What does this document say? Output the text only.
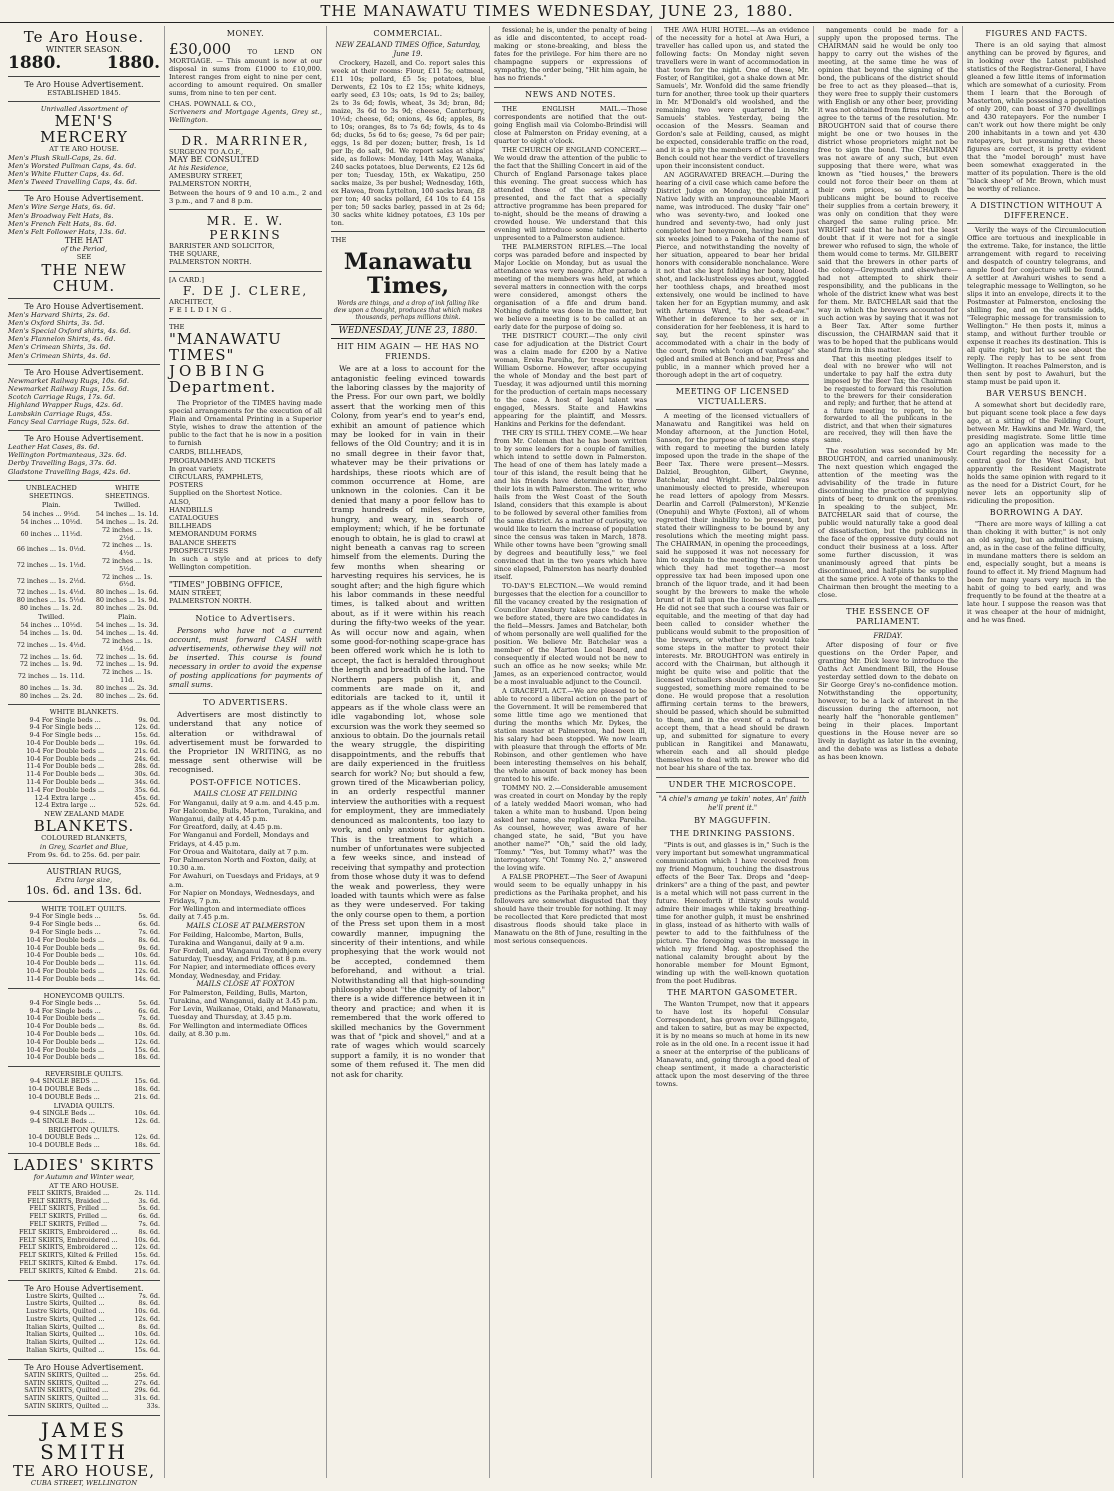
THE MANAWATU TIMES WEDNESDAY, JUNE 23, 1880.
Te Aro House.
WINTER SEASON.
1880.	1880.
Te Aro House Advertisement.
ESTABLISHED 1845.
Unrivalled Assortment of
MEN'S MERCERY
AT TE ARO HOUSE.
Men's Plush Skull-Caps, 2s. 6d.
Men's Worsted Pullman Caps, 4s. 6d.
Men's White Flutter Caps, 4s. 6d.
Men's Tweed Travelling Caps, 4s. 6d.
Te Aro House Advertisement.
Men's Wire Serge Hats, 6s. 6d.
Men's Broadway Felt Hats, 8s.
Men's French Felt Hats, 8s. 6d.
Men's Felt Follower Hats, 13s. 6d.
THE HAT
of the Period,
SEE
THE NEW CHUM.
Te Aro House Advertisement.
Men's Harvard Shirts, 2s. 6d.
Men's Oxford Shirts, 3s. 5d.
Men's Special Oxford shirts, 4s. 6d.
Men's Flannelon Shirts, 4s. 6d.
Men's Crimean Shirts, 3s. 6d.
Men's Crimean Shirts, 4s. 6d.
Te Aro House Advertisement.
Newmarket Railway Rugs, 10s. 6d.
Newmarket Railway Rugs, 15s. 6d.
Scotch Carriage Rugs, 17s. 6d.
Highland Wrapper Rugs, 42s. 6d.
Lambskin Carriage Rugs, 45s.
Fancy Seal Carriage Rugs, 52s. 6d.
Te Aro House Advertisement.
Leather Hat Cases, 8s. 6d.
Wellington Portmanteaus, 32s. 6d.
Derby Travelling Bags, 37s. 6d.
Gladstone Travelling Bags, 42s. 6d.
UNBLEACHED SHEETINGS.	WHITE SHEETINGS.
Plain.	Twilled.
54 inches ... 9½d.	54 inches ... 1s. 1d.
54 inches ... 10½d.	54 inches ... 1s. 2d.
60 inches ... 11½d.	72 inches ... 1s. 2½d.
66 inches ... 1s. 0½d.	72 inches ... 1s. 4½d.
72 inches ... 1s. 1½d.	72 inches ... 1s. 5½d.
72 inches ... 1s. 2½d.	72 inches ... 1s. 6½d.
72 inches ... 1s. 4½d.	80 inches ... 1s. 6d.
80 inches ... 1s. 5½d.	80 inches ... 1s. 9d.
80 inches ... 1s. 2d.	80 inches ... 2s. 0d.
Twilled.	Plain.
54 inches ... 10½d.	54 inches ... 1s. 3d.
54 inches ... 1s. 0d.	54 inches ... 1s. 4d.
72 inches ... 1s. 4½d.	72 inches ... 1s. 4½d.
72 inches ... 1s. 6d.	72 inches ... 1s. 6d.
72 inches ... 1s. 9d.	72 inches ... 1s. 9d.
72 inches ... 1s. 11d.	72 inches ... 1s. 11d.
80 inches ... 1s. 3d.	80 inches ... 2s. 3d.
80 inches ... 2s. 2d.	80 inches ... 2s. 6d.
WHITE BLANKETS.
9-4 For Single beds ...	9s. 0d.
9-4 For Single beds ...	12s. 6d.
9-4 For Single beds ...	15s. 6d.
10-4 For Double beds ...	19s. 6d.
10-4 For Double beds ...	21s. 6d.
10-4 For Double beds ...	24s. 6d.
11-4 For Double beds ...	28s. 6d.
11-4 For Double beds ...	30s. 6d.
11-4 For Double beds ...	34s. 6d.
11-4 For Double beds ...	35s. 6d.
12-4 Extra large ...	45s. 6d.
12-4 Extra large ...	52s. 6d.
NEW ZEALAND MADE
BLANKETS.
COLOURED BLANKETS,
in Grey, Scarlet and Blue,
From 9s. 6d. to 25s. 6d. per pair.
AUSTRIAN RUGS,
Extra large size,
10s. 6d. and 13s. 6d.
WHITE TOILET QUILTS.
9-4 For Single beds ...	5s. 6d.
9-4 For Single beds ...	6s. 6d.
9-4 For Single beds ...	7s. 6d.
10-4 For Double beds ...	8s. 6d.
10-4 For Double beds ...	9s. 6d.
10-4 For Double beds ...	10s. 6d.
10-4 For Double beds ...	11s. 6d.
10-4 For Double beds ...	12s. 6d.
11-4 For Double beds ...	14s. 6d.
HONEYCOMB QUILTS.
9-4 For Single beds ...	5s. 6d.
9-4 For Single beds ...	6s. 6d.
10-4 For Double beds ...	7s. 6d.
10-4 For Double beds ...	8s. 6d.
10-4 For Double beds ...	10s. 6d.
10-4 For Double beds ...	12s. 6d.
10-4 For Double beds ...	15s. 6d.
10-4 For Double beds ...	18s. 6d.
REVERSIBLE QUILTS.
9-4 SINGLE BEDS ...	15s. 6d.
10-4 DOUBLE Beds ...	18s. 6d.
10-4 DOUBLE Beds ...	21s. 6d.
LIVADIA QUILTS.
9-4 SINGLE Beds ...	10s. 6d.
9-4 SINGLE Beds ...	12s. 6d.
BRIGHTON QUILTS.
10-4 DOUBLE Beds ...	12s. 6d.
10-4 DOUBLE Beds ...	18s. 6d.
LADIES' SKIRTS
for Autumn and Winter wear,
AT TE ARO HOUSE.
FELT SKIRTS, Braided ...	2s. 11d.
FELT SKIRTS, Braided ...	3s. 6d.
FELT SKIRTS, Frilled ...	5s. 6d.
FELT SKIRTS, Frilled ...	6s. 6d.
FELT SKIRTS, Frilled ...	7s. 6d.
FELT SKIRTS, Embroidered ...	8s. 6d.
FELT SKIRTS, Embroidered ...	10s. 6d.
FELT SKIRTS, Embroidered ...	12s. 6d.
FELT SKIRTS, Kilted & Frilled	15s. 6d.
FELT SKIRTS, Kilted & Embd.	17s. 6d.
FELT SKIRTS, Kilted & Embd.	21s. 6d.
Te Aro House Advertisement.
Lustre Skirts, Quilted ...	7s. 6d.
Lustre Skirts, Quilted ...	8s. 6d.
Lustre Skirts, Quilted ...	10s. 6d.
Lustre Skirts, Quilted ...	12s. 6d.
Italian Skirts, Quilted ...	8s. 6d.
Italian Skirts, Quilted ...	10s. 6d.
Italian Skirts, Quilted ...	12s. 6d.
Italian Skirts, Quilted ...	15s. 6d.
Te Aro House Advertisement.
SATIN SKIRTS, Quilted ...	25s. 6d.
SATIN SKIRTS, Quilted ...	27s. 6d.
SATIN SKIRTS, Quilted ...	29s. 6d.
SATIN SKIRTS, Quilted ...	31s. 6d.
SATIN SKIRTS, Quilted ...	33s.
JAMES SMITH
TE ARO HOUSE,
CUBA STREET, WELLINGTON
MONEY.
£30,000	TO LEND ON MORTGAGE. — This amount is now at our disposal in sums from £1000 to £10,000. Interest ranges from eight to nine per cent, according to amount required. On smaller sums, from nine to ten per cent.
CHAS. POWNALL & CO.,
Scriveners and Mortgage Agents, Grey st., Wellington.
DR. MARRINER,
SURGEON TO A.O.F.,
MAY BE CONSULTED
At his Residence,
AMESBURY STREET,
PALMERSTON NORTH,
Between the hours of 9 and 10 a.m., 2 and 3 p.m., and 7 and 8 p.m.
MR. E. W. PERKINS
BARRISTER AND SOLICITOR,
THE SQUARE,
PALMERSTON NORTH.
[A CARD.]
F. DE J. CLERE,
ARCHITECT,
FEILDING.
THE
"MANAWATU TIMES"
JOBBING
Department.

The Proprietor of the TIMES having made special arrangements for the execution of all Plain and Ornamental Printing in a Superior Style, wishes to draw the attention of the public to the fact that he is now in a position to furnish

CARDS, BILLHEADS,
PROGRAMMES AND TICKETS
In great variety.
CIRCULARS, PAMPHLETS,
POSTERS
Supplied on the Shortest Notice.
ALSO,
HANDBILLS
CATALOGUES
BILLHEADS
MEMORANDUM FORMS
BALANCE SHEETS
PROSPECTUSES
In such a style and at prices to defy Wellington competition.
"TIMES" JOBBING OFFICE,
MAIN STREET,
PALMERSTON NORTH.
Notice to Advertisers.

Persons who have not a current account, must forward CASH with advertisements, otherwise they will not be inserted. This course is found necessary in order to avoid the expense of posting applications for payments of small sums.

TO ADVERTISERS.

Advertisers are most distinctly to understand that any notice of alteration or withdrawal of advertisement must be forwarded to the Proprietor IN WRITING, as no message sent otherwise will be recognised.

POST-OFFICE NOTICES.
MAILS CLOSE AT FEILDING
For Wanganui, daily at 9 a.m. and 4.45 p.m.
For Halcombe, Bulls, Marton, Turakina, and Wanganui, daily at 4.45 p.m.
For Greatford, daily, at 4.45 p.m.
For Wanganui and Fordell, Mondays and Fridays, at 4.45 p.m.
For Oroua and Waitotara, daily at 7 p.m.
For Palmerston North and Foxton, daily, at 10.30 a.m.
For Awahuri, on Tuesdays and Fridays, at 9 a.m.
For Napier on Mondays, Wednesdays, and Fridays, 7 p.m.
For Wellington and intermediate offices daily at 7.45 p.m.
MAILS CLOSE AT PALMERSTON
For Feilding, Halcombe, Marton, Bulls, Turakina and Wanganui, daily at 9 a.m.
For Fordell, and Wanganui Trondhjem every Saturday, Tuesday, and Friday, at 8 p.m.
For Napier, and intermediate offices every Monday, Wednesday, and Friday.
MAILS CLOSE AT FOXTON
For Palmerston, Feilding, Bulls, Marton, Turakina, and Wanganui, daily at 3.45 p.m.
For Levin, Waikanae, Otaki, and Manawatu, Tuesday and Thursday, at 3.45 p.m.
For Wellington and intermediate Offices daily, at 8.30 p.m.
COMMERCIAL.
NEW ZEALAND TIMES Office, Saturday, June 19.

Crockery, Hazell, and Co. report sales this week at their rooms: Flour, £11 5s; oatmeal, £11 10s; pollard, £5 5s; potatoes, blue Derwents, £2 10s to £2 15s; white kidneys, early seed, £3 10s; oats, 1s 9d to 2s; bailey, 2s to 3s 6d; fowls, wheat, 3s 3d; bran, 8d; maize, 3s 6d to 3s 9d; cheese, Canterbury, 10½d; cheese, 6d; onions, 4s 6d; apples, 8s to 10s; oranges, 8s to 7s 6d; fowls, 4s to 4s 6d; ducks, 5s 6d to 6s; geese, 7s 6d per pair; eggs, 1s 8d per dozen; butter, fresh, 1s 1d per lb; do salt, 9d. We report sales at ships' side, as follows: Monday, 14th May, Wanaka, 240 sacks potatoes, blue Derwents, £2 12s 6d per ton; Tuesday, 15th, ex Wakatipu, 250 sacks maize, 3s per bushel; Wednesday, 16th, ex Hawea, from Lyttelton, 100 sacks bran, £8 per ton; 40 sacks pollard, £4 10s to £4 15s per ton; 50 sacks barley, passed in at 2s 6d; 30 sacks white kidney potatoes, £3 10s per ton.

THE
Manawatu Times,
Words are things, and a drop of ink falling like dew upon a thought, produces that which makes thousands, perhaps millions think.
WEDNESDAY, JUNE 23, 1880.
HIT HIM AGAIN — HE HAS NO FRIENDS.

We are at a loss to account for the antagonistic feeling evinced towards the laboring classes by the majority of the Press. For our own part, we boldly assert that the working men of this Colony, from year's end to year's end, exhibit an amount of patience which may be looked for in vain in their fellows of the Old Country; and it is in no small degree in their favor that, whatever may be their privations or hardships, these rioots which are of common occurrence at Home, are unknown in the colonies. Can it be denied that many a poor fellow has to tramp hundreds of miles, footsore, hungry, and weary, in search of employment; which, if he be fortunate enough to obtain, he is glad to crawl at night beneath a canvas rag to screen himself from the elements. During the few months when shearing or harvesting requires his services, he is sought after; and the high figure which his labor commands in these needful times, is talked about and written about, as if it were within his reach during the fifty-two weeks of the year. As will occur now and again, when some good-for-nothing scape-grace has been offered work which he is loth to accept, the fact is heralded throughout the length and breadth of the land. The Northern papers publish it, and comments are made on it, and editorials are tacked to it, until it appears as if the whole class were an idle vagabonding lot, whose sole excursion was the work they seemed so anxious to obtain. Do the journals retail the weary struggle, the dispiriting disappointments, and the rebuffs that are daily experienced in the fruitless search for work? No; but should a few, grown tired of the Micawberian policy, in an orderly respectful manner interview the authorities with a request for employment, they are immediately denounced as malcontents, too lazy to work, and only anxious for agitation. This is the treatment to which a number of unfortunates were subjected a few weeks since, and instead of receiving that sympathy and protection from those whose duty it was to defend the weak and powerless, they were loaded with taunts which were as false as they were undeserved. For taking the only course open to them, a portion of the Press set upon them in a most cowardly manner, impugning the sincerity of their intentions, and while prophesying that the work would not be accepted, condemned them beforehand, and without a trial. Notwithstanding all that high-sounding philosophy about "the dignity of labor," there is a wide difference between it in theory and practice; and when it is remembered that the work offered to skilled mechanics by the Government was that of "pick and shovel," and at a rate of wages which would scarcely support a family, it is no wonder that some of them refused it. The men did not ask for charity.

fessional; he is, under the penalty of being as idle and discontented, to accept road-making or stone-breaking, and bless the fates for the privilege. For him there are no champagne suppers or expressions of sympathy, the order being, "Hit him again, he has no friends."

NEWS AND NOTES.
THE ENGLISH MAIL.—Those correspondents are notified that the out-going English mail via Colombo-Brindisi will close at Palmerston on Friday evening, at a quarter to eight o'clock.
THE CHURCH OF ENGLAND CONCERT.—We would draw the attention of the public to the fact that the Shilling Concert in aid of the Church of England Parsonage takes place this evening. The great success which has attended those of the series already presented, and the fact that a specially attractive programme has been prepared for to-night, should be the means of drawing a crowded house. We understand that this evening will introduce some talent hitherto unpresented to a Palmerston audience.
THE PALMERSTON RIFLES.—The local corps was paraded before and inspected by Major Lockie on Monday, but as usual the attendance was very meagre. After parade a meeting of the members was held, at which several matters in connection with the corps were considered, amongst others the organisation of a fife and drum band. Nothing definite was done in the matter, but we believe a meeting is to be called at an early date for the purpose of doing so.
THE DISTRICT COURT.—The only civil case for adjudication at the District Court was a claim made for £200 by a Native woman, Ereka Pareiha, for trespass against William Osborne. However, after occupying the whole of Monday and the best part of Tuesday, it was adjourned until this morning for the production of certain maps necessary to the case. A host of legal talent was engaged, Messrs. Staite and Hawkins appearing for the plaintiff, and Messrs. Hankins and Perkins for the defendant.
THE CRY IS STILL THEY COME.—We hear from Mr. Coleman that he has been written to by some leaders for a couple of families, which intend to settle down in Palmerston. The head of one of them has lately made a tour of this island, the result being that he and his friends have determined to throw their lots in with Palmerston. The writer, who hails from the West Coast of the South Island, considers that this example is about to be followed by several other families from the same district. As a matter of curiosity, we would like to learn the increase of population since the census was taken in March, 1878. While other towns have been "growing small by degrees and beautifully less," we feel convinced that in the two years which have since elapsed, Palmerston has nearly doubled itself.
TO-DAY'S ELECTION.—We would remind burgesses that the election for a councillor to fill the vacancy created by the resignation of Councillor Amesbury takes place to-day. As we before stated, there are two candidates in the field—Messrs. James and Batchelar, both of whom personally are well qualified for the position. We believe Mr. Batchelar was a member of the Marton Local Board, and consequently if elected would not be new to such an office as he now seeks; while Mr. James, as an experienced contractor, would be a most invaluable adjunct to the Council.
A GRACEFUL ACT.—We are pleased to be able to record a liberal action on the part of the Government. It will be remembered that some little time ago we mentioned that during the months which Mr. Dykes, the station master at Palmerston, had been ill, his salary had been stopped. We now learn with pleasure that through the efforts of Mr. Robinson, and other gentlemen who have been interesting themselves on his behalf, the whole amount of back money has been granted to his wife.
TOMMY NO. 2.—Considerable amusement was created in court on Monday by the reply of a lately wedded Maori woman, who had taken a white man to husband. Upon being asked her name, she replied, Ereka Pareiha. As counsel, however, was aware of her changed state, he said, "But you have another name?" "Oh," said the old lady, "Tommy." "Yes, but Tommy what?" was the interrogatory. "Oh! Tommy No. 2," answered the loving wife.
A FALSE PROPHET.—The Seer of Awapuni would seem to be equally unhappy in his predictions as the Parihaka prophet, and his followers are somewhat disgusted that they should have their trouble for nothing. It may be recollected that Kere predicted that most disastrous floods should take place in Manawatu on the 8th of June, resulting in the most serious consequences.

THE AWA HURI HOTEL.—As an evidence of the necessity for a hotel at Awa Huri, a traveller has called upon us, and stated the following facts: On Monday night seven travellers were in want of accommodation in that town for the night. One of these, Mr. Foster, of Rangitikei, got a shake down at Mr. Samuels', Mr. Wonfold did the same friendly turn for another, three took up their quarters in Mr. M'Donald's old woolshed, and the remaining two were quartered in Mr. Samuels' stables. Yesterday, being the occasion of the Messrs. Seaman and Gordon's sale at Feilding, caused, as might be expected, considerable traffic on the road, and it is a pity the members of the Licensing Bench could not hear the verdict of travellers upon their inconsistent conduct.

AN AGGRAVATED BREACH.—During the hearing of a civil case which came before the District Judge on Monday, the plaintiff, a Native lady with an unpronounceable Maori name, was introduced. The dusky "fair one" who was seventy-two, and looked one hundred and seventy-two, had only just completed her honeymoon, having been just six weeks joined to a Pakeha of the name of Pierce, and notwithstanding the novelty of her situation, appeared to bear her bridal honors with considerable nonchalance. Were it not that she kept folding her bony, blood-shot, and lack-lustreless eyes about, waggled her toothless chaps, and breathed most extensively, one would be inclined to have taken her for an Egyptian mummy, and ask with Artemus Ward, "Is she a-dead-aw." Whether in deference to her sex, or in consideration for her feebleness, it is hard to say, but the recent spinster was accommodated with a chair in the body of the court, from which "coign of vantage" she ogled and smiled at Bench and bar, Press and public, in a manner which proved her a thorough adept in the art of coquetry.

MEETING OF LICENSED VICTUALLERS.

A meeting of the licensed victuallers of Manawatu and Rangitikei was held on Monday afternoon, at the Junction Hotel, Sanson, for the purpose of taking some steps with regard to meeting the burden lately imposed upon the trade in the shape of the Beer Tax. There were present—Messrs. Dalziel, Broughton, Gilbert, Gwynne, Batchelar, and Wright. Mr. Dalziel was unanimously elected to preside, whereupon he read letters of apology from Messrs. Dearlin and Carroll (Palmerston), M'Kenzie (Onepuhi) and Whyte (Foxton), all of whom regretted their inability to be present, but stated their willingness to be bound by any resolutions which the meeting might pass. The CHAIRMAN, in opening the proceedings, said he supposed it was not necessary for him to explain to the meeting the reason for which they had met together—a most oppressive tax had been imposed upon one branch of the liquor trade, and it had been sought by the brewers to make the whole brunt of it fall upon the licensed victuallers. He did not see that such a course was fair or equitable, and the meeting of that day had been called to consider whether the publicans would submit to the proposition of the brewers, or whether they would take some steps in the matter to protect their interests. Mr. BROUGHTON was entirely in accord with the Chairman, but although it might be quite wise and politic that the licensed victuallers should adopt the course suggested, something more remained to be done. He would propose that a resolution affirming certain terms to the brewers, should be passed, which should be submitted to them, and in the event of a refusal to accept them, that a head should be drawn up, and submitted for signature to every publican in Rangitikei and Manawatu, wherein each and all should pledge themselves to deal with no brewer who did not bear his share of the tax.

UNDER THE MICROSCOPE.
"A chiel's amang ye takin' notes, An' faith he'll prent it."
BY MAGGUFFIN.
THE DRINKING PASSIONS.

"Pints is out, and glasses is in," Such is the very important but somewhat ungrammatical communication which I have received from my friend Magnum, touching the disastrous effects of the Beer Tax. Drops and "deep-drinkers" are a thing of the past, and pewter is a metal which will not pass current in the future. Henceforth if thirsty souls would admire their images while taking breathing-time for another gulph, it must be enshrined in glass, instead of as hitherto with walls of pewter to add to the faithfulness of the picture. The foregoing was the message in which my friend Mag. apostrophised the national calamity brought about by the honorable member for Mount Egmont, winding up with the well-known quotation from the poet Hudibras.

THE MARTON GASOMETER.

The Wanton Trumpet, now that it appears to have lost its hopeful Consular Correspondent, has grown over Billingsgate, and taken to satire, but as may be expected, it is by no means so much at home in its new role as in the old one. In a recent issue it had a sneer at the enterprise of the publicans of Manawatu, and, going through a good deal of cheap sentiment, it made a characteristic attack upon the most deserving of the three towns.

nangements could be made for a supply upon the proposed terms. The CHAIRMAN said he would be only too happy to carry out the wishes of the meeting, at the same time he was of opinion that beyond the signing of the bond, the publicans of the district should be free to act as they pleased—that is, they were free to supply their customers with English or any other beer, providing it was not obtained from firms refusing to agree to the terms of the resolution. Mr. BROUGHTON said that of course there might be one or two houses in the district whose proprietors might not be free to sign the bond. The CHAIRMAN was not aware of any such, but even supposing that there were, what was known as "tied houses," the brewers could not force their beer on them at their own prices, so although the publicans might be bound to receive their supplies from a certain brewery, it was only on condition that they were charged the same ruling price. Mr. WRIGHT said that he had not the least doubt that if it were not for a single brewer who refused to sign, the whole of them would come to terms. Mr. GILBERT said that the brewers in other parts of the colony—Greymouth and elsewhere—had not attempted to shirk their responsibility, and the publicans in the whole of the district knew what was best for them. Mr. BATCHELAR said that the way in which the brewers accounted for such action was by saying that it was not a Beer Tax. After some further discussion, the CHAIRMAN said that it was to be hoped that the publicans would stand firm in this matter.

That this meeting pledges itself to deal with no brewer who will not undertake to pay half the extra duty imposed by the Beer Tax; the Chairman be requested to forward this resolution to the brewers for their consideration and reply; and further, that he attend at a future meeting to report, to be forwarded to all the publicans in the district, and that when their signatures are received, they will then have the same.

The resolution was seconded by Mr. BROUGHTON, and carried unanimously. The next question which engaged the attention of the meeting was the advisability of the trade in future discontinuing the practice of supplying pints of beer, to drunk on the premises. In speaking to the subject, Mr. BATCHELAR said that of course, the public would naturally take a good deal of dissatisfaction, but the publicans in the face of the oppressive duty could not conduct their business at a loss. After some further discussion, it was unanimously agreed that pints be discontinued, and half-pints be supplied at the same price. A vote of thanks to the Chairman then brought the meeting to a close.

THE ESSENCE OF PARLIAMENT.
FRIDAY.

After disposing of four or five questions on the Order Paper, and granting Mr. Dick leave to introduce the Oaths Act Amendment Bill, the House yesterday settled down to the debate on Sir George Grey's no-confidence motion. Notwithstanding the opportunity, however, to be a lack of interest in the discussion during the afternoon, not nearly half the "honorable gentlemen" being in their places. Important questions in the House never are so lively in daylight as later in the evening, and the debate was as listless a debate as has been known.

FIGURES AND FACTS.

There is an old saying that almost anything can be proved by figures, and in looking over the Latest published statistics of the Registrar-General, I have gleaned a few little items of information which are somewhat of a curiosity. From them I learn that the Borough of Masterton, while possessing a population of only 200, can boast of 370 dwellings and 430 ratepayers. For the number I can't work out how there might be only 200 inhabitants in a town and yet 430 ratepayers, but presuming that these figures are correct, it is pretty evident that the "model borough" must have been somewhat exaggerated in the matter of its population. There is the old "black sheep" of Mr. Brown, which must be worthy of reliance.

A DISTINCTION WITHOUT A DIFFERENCE.

Verily the ways of the Circumlocution Office are tortuous and inexplicable in the extreme. Take, for instance, the little arrangement with regard to receiving and despatch of country telegrams, and ample food for conjecture will be found. A settler at Awahuri wishes to send a telegraphic message to Wellington, so he slips it into an envelope, directs it to the Postmaster at Palmerston, enclosing the shilling fee, and on the outside adds, "Telegraphic message for transmission to Wellington." He then posts it, minus a stamp, and without further trouble or expense it reaches its destination. This is all quite right; but let us see about the reply. The reply has to be sent from Wellington. It reaches Palmerston, and is then sent by post to Awahuri, but the stamp must be paid upon it.

BAR VERSUS BENCH.

A somewhat short but decidedly rare, but piquant scene took place a few days ago, at a sitting of the Feilding Court, between Mr. Hawkins and Mr. Ward, the presiding magistrate. Some little time ago an application was made to the Court regarding the necessity for a central gaol for the West Coast, but apparently the Resident Magistrate holds the same opinion with regard to it as the need for a District Court, for he never lets an opportunity slip of ridiculing the proposition.

BORROWING A DAY.

"There are more ways of killing a cat than choking it with butter," is not only an old saying, but an admitted truism, and, as in the case of the feline difficulty, in mundane matters there is seldom an end, especially sought, but a means is found to effect it. My friend Magnum had been for many years very much in the habit of going to bed early, and was frequently to be found at the theatre at a late hour. I suppose the reason was that it was cheaper at the hour of midnight, and he was fined.
